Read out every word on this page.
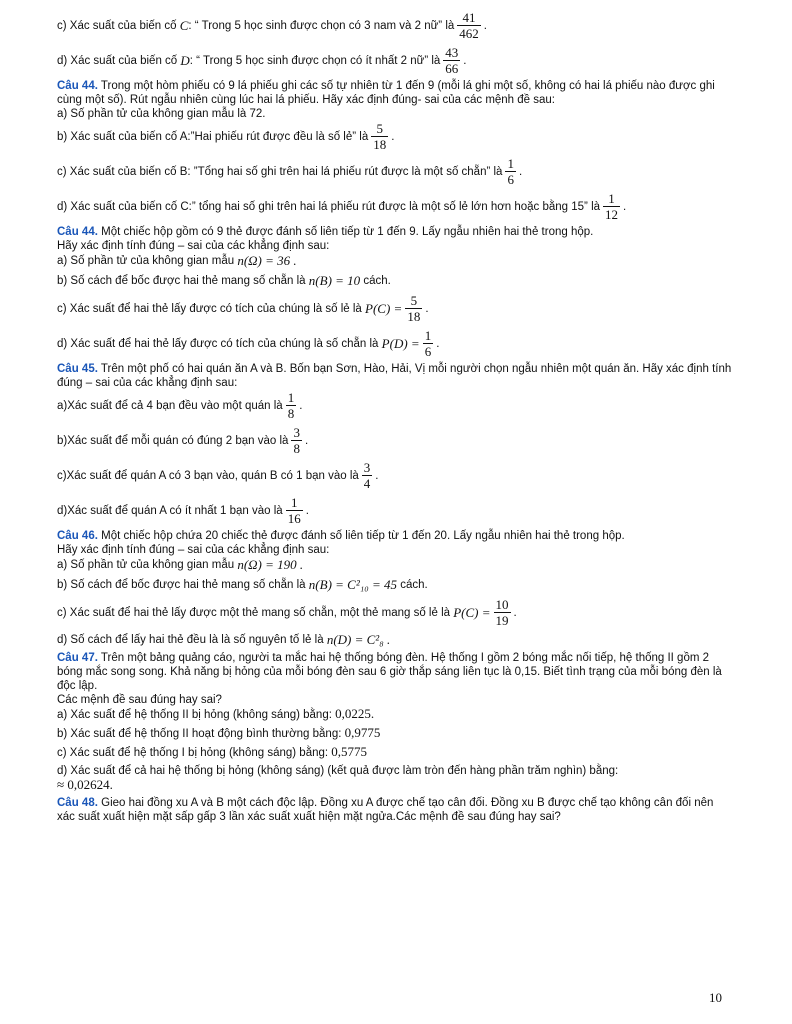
c) Xác suất của biến cố
C : “ Trong 5 học sinh được chọn có 3 nam và 2 nữ” là $\frac{41}{462}$ .
d) Xác suất của biến cố
D : “ Trong 5 học sinh được chọn có ít nhất 2 nữ” là $\frac{43}{66}$ .

Câu 44. Trong một hòm phiếu có 9 lá phiếu ghi các số tự nhiên từ 1 đến 9 (mỗi lá ghi một số, không có hai lá phiếu nào được ghi cùng một số). Rút ngẫu nhiên cùng lúc hai lá phiếu. Hãy xác định đúng- sai của các mệnh đề sau:

a) Số phần tử của không gian mẫu là 72.

b) Xác suất của biến cố A:”Hai phiếu rút được đều là số lẻ” là $\frac{5}{18}$ .
c) Xác suất của biến cố B: ”Tổng hai số ghi trên hai lá phiếu rút được là một số chẵn” là $\frac{1}{6}$ .
d) Xác suất của biến cố C:” tổng hai số ghi trên hai lá phiếu rút được là một số lẻ lớn hơn hoặc bằng 15” là $\frac{1}{12}$ .

Câu 44. Một chiếc hộp gồm có 9 thẻ được đánh số liên tiếp từ 1 đến 9. Lấy ngẫu nhiên hai thẻ trong hộp.

Hãy xác định tính đúng – sai của các khẳng định sau:

a) Số phần tử của không gian mẫu
n(Ω) = 36 .
b) Số cách để bốc được hai thẻ mang số chẵn là
n(B) = 10
cách.
c) Xác suất để hai thẻ lấy được có tích của chúng là số lẻ là
$P(C) = \frac{5}{18}$ .
d) Xác suất để hai thẻ lấy được có tích của chúng là số chẵn là
$P(D) = \frac{1}{6}$ .

Câu 45. Trên một phố có hai quán ăn A và B. Bốn bạn Sơn, Hào, Hải, Vị mỗi người chọn ngẫu nhiên một quán ăn. Hãy xác định tính đúng – sai của các khẳng định sau:

a)Xác suất để cả 4 bạn đều vào một quán là $\frac{1}{8}$ .
b)Xác suất để mỗi quán có đúng 2 bạn vào là $\frac{3}{8}$ .
c)Xác suất để quán A có 3 bạn vào, quán B có 1 bạn vào là $\frac{3}{4}$ .
d)Xác suất để quán A có ít nhất 1 bạn vào là $\frac{1}{16}$ .

Câu 46. Một chiếc hộp chứa 20 chiếc thẻ được đánh số liên tiếp từ 1 đến 20. Lấy ngẫu nhiên hai thẻ trong hộp.

Hãy xác định tính đúng – sai của các khẳng định sau:

a) Số phần tử của không gian mẫu
n(Ω) = 190 .
b) Số cách để bốc được hai thẻ mang số chẵn là
n(B) = C²₁₀ = 45
cách.
c) Xác suất để hai thẻ lấy được một thẻ mang số chẵn, một thẻ mang số lẻ là
$P(C) = \frac{10}{19}$ .
d) Số cách để lấy hai thẻ đều là là số nguyên tố lẻ là
n(D) = C²₈ .

Câu 47. Trên một bảng quảng cáo, người ta mắc hai hệ thống bóng đèn. Hệ thống I gồm 2 bóng mắc nối tiếp, hệ thống II gồm 2 bóng mắc song song. Khả năng bị hỏng của mỗi bóng đèn sau 6 giờ thắp sáng liên tục là 0,15. Biết tình trạng của mỗi bóng đèn là độc lập.

Các mệnh đề sau đúng hay sai?

a) Xác suất để hệ thống II bị hỏng (không sáng) bằng: 0,0225.

b) Xác suất để hệ thống II hoạt động bình thường bằng: 0,9775

c) Xác suất để hệ thống I bị hỏng (không sáng) bằng: 0,5775

d) Xác suất để cả hai hệ thống bị hỏng (không sáng) (kết quả được làm tròn đến hàng phần trăm nghìn) bằng:
≈ 0,02624.

Câu 48. Gieo hai đồng xu A và B một cách độc lập. Đồng xu A được chế tạo cân đối. Đồng xu B được chế tạo không cân đối nên xác suất xuất hiện mặt sấp gấp 3 lần xác suất xuất hiện mặt ngửa.Các mệnh đề sau đúng hay sai?

10
